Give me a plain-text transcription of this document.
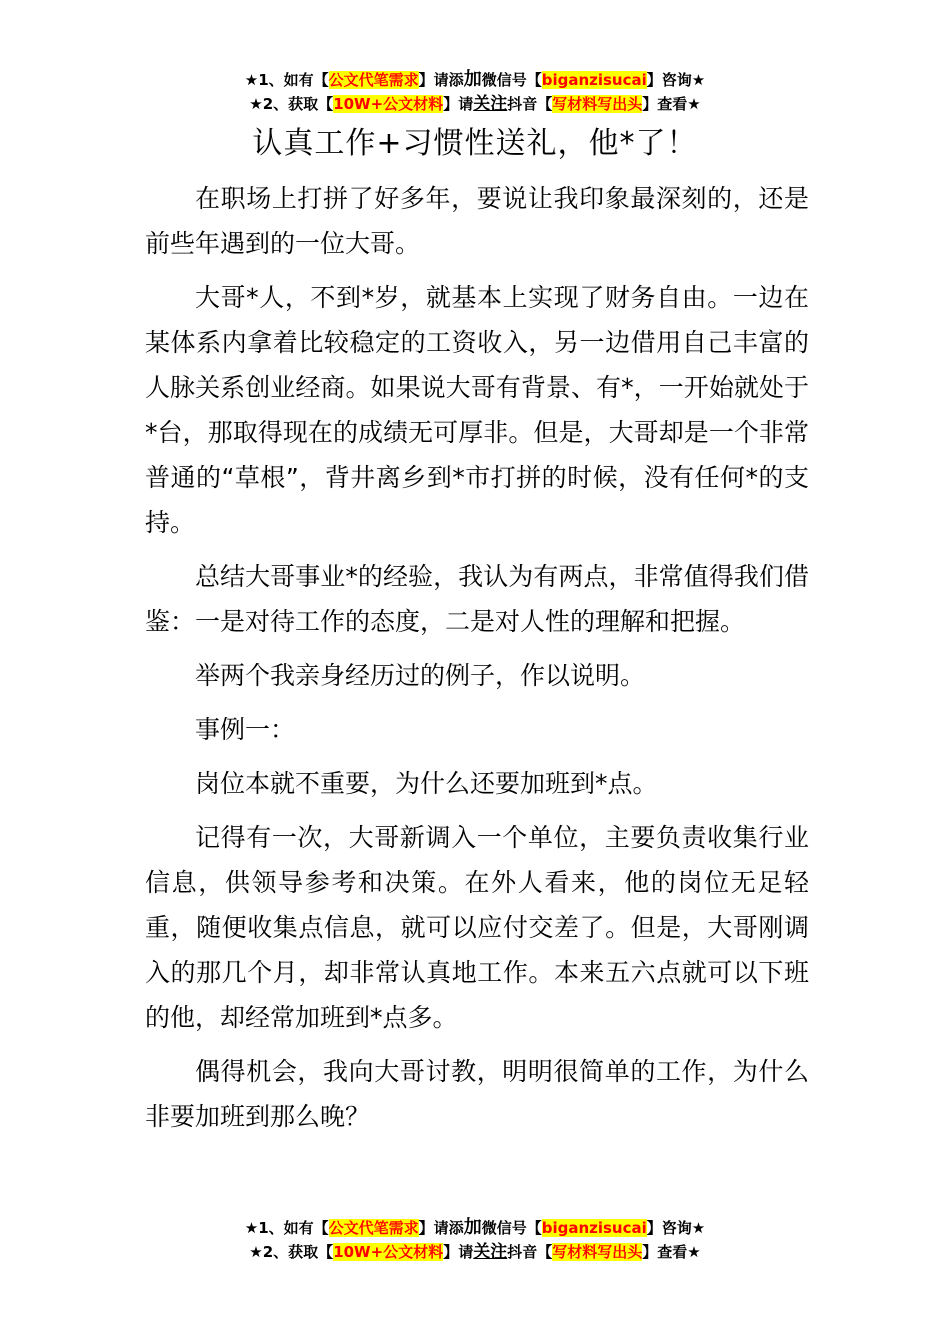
★1、如有【公文代笔需求】请添加微信号【biganzisucai】咨询★
★2、获取【10W+公文材料】请关注抖音【写材料写出头】查看★
认真工作+习惯性送礼，他*了！

在职场上打拼了好多年，要说让我印象最深刻的，还是前些年遇到的一位大哥。

大哥*人，不到*岁，就基本上实现了财务自由。一边在某体系内拿着比较稳定的工资收入，另一边借用自己丰富的人脉关系创业经商。如果说大哥有背景、有*，一开始就处于*台，那取得现在的成绩无可厚非。但是，大哥却是一个非常普通的“草根”，背井离乡到*市打拼的时候，没有任何*的支持。

总结大哥事业*的经验，我认为有两点，非常值得我们借鉴：一是对待工作的态度，二是对人性的理解和把握。

举两个我亲身经历过的例子，作以说明。

事例一：

岗位本就不重要，为什么还要加班到*点。

记得有一次，大哥新调入一个单位，主要负责收集行业信息，供领导参考和决策。在外人看来，他的岗位无足轻重，随便收集点信息，就可以应付交差了。但是，大哥刚调入的那几个月，却非常认真地工作。本来五六点就可以下班的他，却经常加班到*点多。

偶得机会，我向大哥讨教，明明很简单的工作，为什么非要加班到那么晚？

★1、如有【公文代笔需求】请添加微信号【biganzisucai】咨询★
★2、获取【10W+公文材料】请关注抖音【写材料写出头】查看★
